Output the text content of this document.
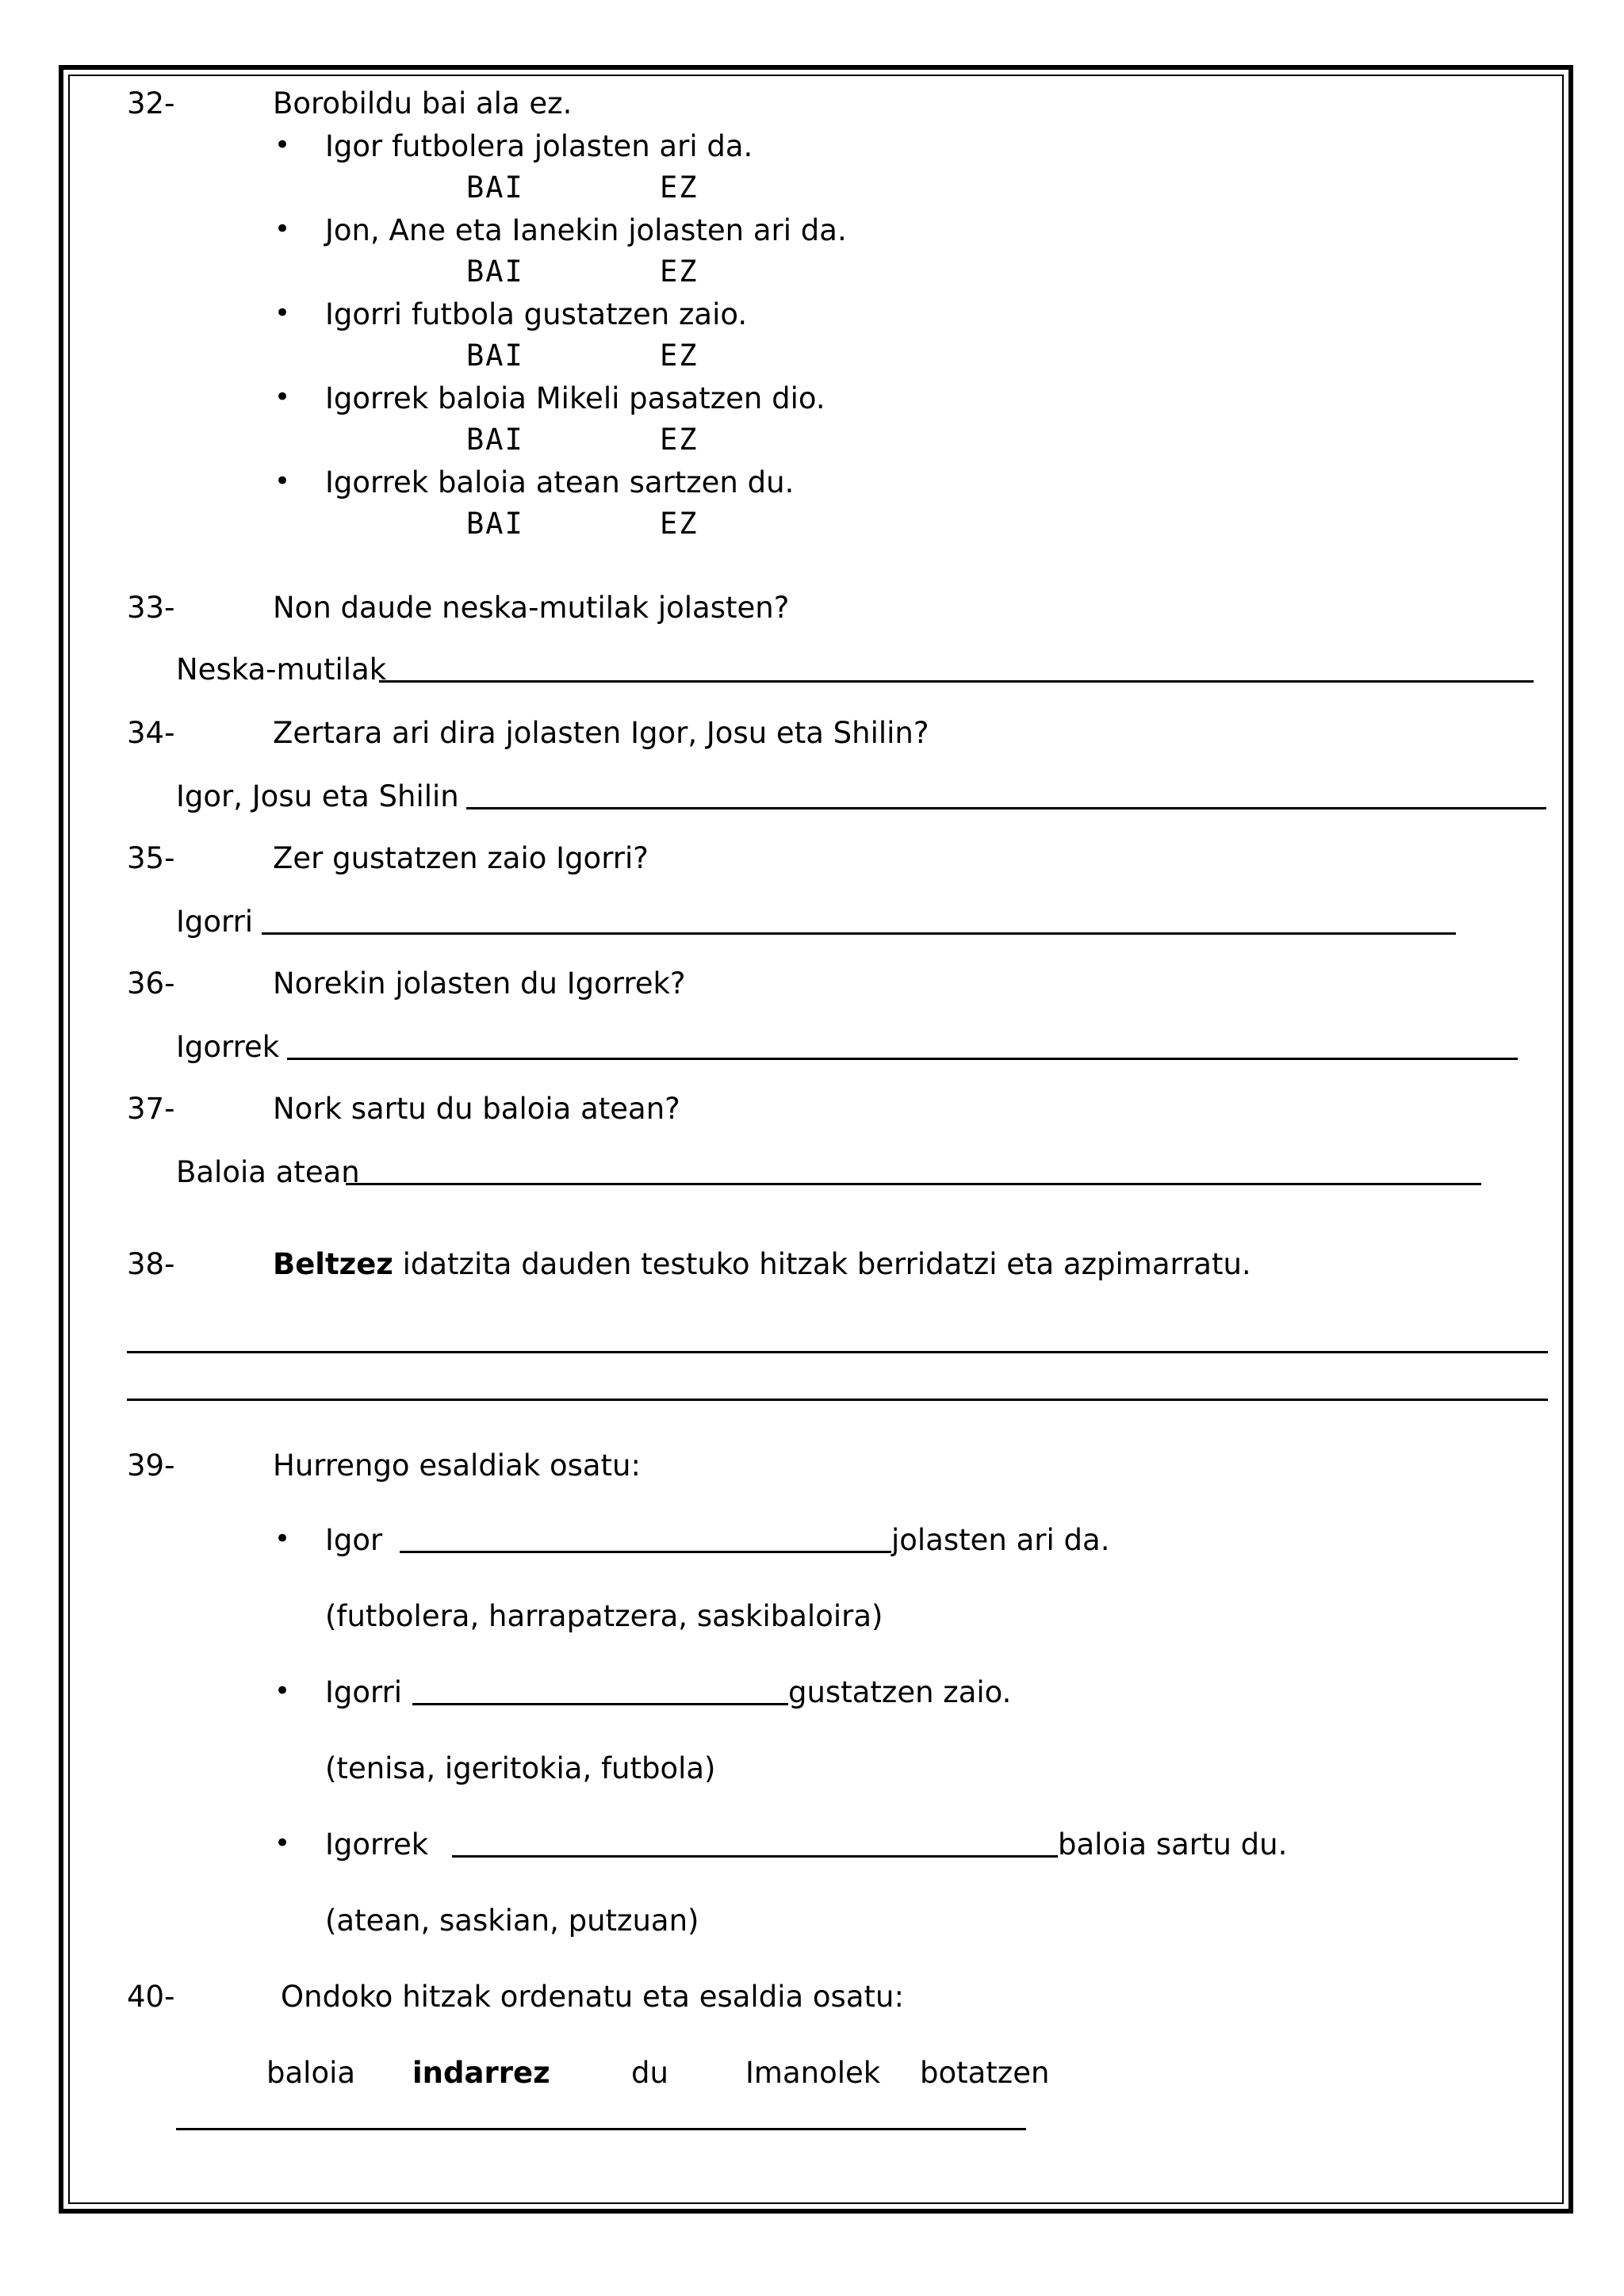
32-	Borobildu bai ala ez.
• Igor futbolera jolasten ari da.
BAI	EZ
• Jon, Ane eta Ianekin jolasten ari da.
BAI	EZ
• Igorri futbola gustatzen zaio.
BAI	EZ
• Igorrek baloia Mikeli pasatzen dio.
BAI	EZ
• Igorrek baloia atean sartzen du.
BAI	EZ
33-	Non daude neska-mutilak jolasten?
Neska-mutilak
34-	Zertara ari dira jolasten Igor, Josu eta Shilin?
Igor, Josu eta Shilin
35-	Zer gustatzen zaio Igorri?
Igorri
36-	Norekin jolasten du Igorrek?
Igorrek
37-	Nork sartu du baloia atean?
Baloia atean
38-	Beltzez idatzita dauden testuko hitzak berridatzi eta azpimarratu.
39-	Hurrengo esaldiak osatu:
• Igor	jolasten ari da.
(futbolera, harrapatzera, saskibaloira)
• Igorri	gustatzen zaio.
(tenisa, igeritokia, futbola)
• Igorrek	baloia sartu du.
(atean, saskian, putzuan)
40-	Ondoko hitzak ordenatu eta esaldia osatu:
baloia indarrez	du	Imanolek botatzen
